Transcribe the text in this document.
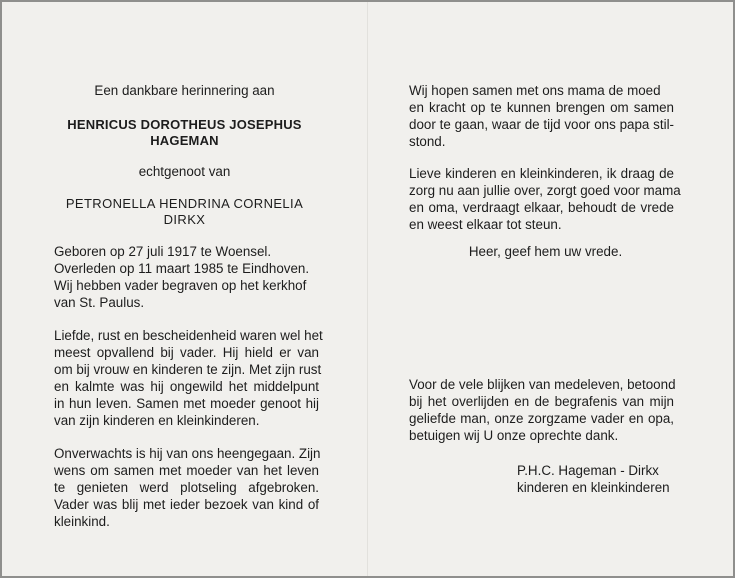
Een dankbare herinnering aan
HENRICUS DOROTHEUS JOSEPHUS
HAGEMAN
echtgenoot van
PETRONELLA HENDRINA CORNELIA
DIRKX
Geboren op 27 juli 1917 te Woensel.
Overleden op 11 maart 1985 te Eindhoven.
Wij hebben vader begraven op het kerkhof
van St. Paulus.
Liefde, rust en bescheidenheid waren wel het
meest opvallend bij vader. Hij hield er van
om bij vrouw en kinderen te zijn. Met zijn rust
en kalmte was hij ongewild het middelpunt
in hun leven. Samen met moeder genoot hij
van zijn kinderen en kleinkinderen.
Onverwachts is hij van ons heengegaan. Zijn
wens om samen met moeder van het leven
te genieten werd plotseling afgebroken.
Vader was blij met ieder bezoek van kind of
kleinkind.
Wij hopen samen met ons mama de moed
en kracht op te kunnen brengen om samen
door te gaan, waar de tijd voor ons papa stil-
stond.
Lieve kinderen en kleinkinderen, ik draag de
zorg nu aan jullie over, zorgt goed voor mama
en oma, verdraagt elkaar, behoudt de vrede
en weest elkaar tot steun.
Heer, geef hem uw vrede.
Voor de vele blijken van medeleven, betoond
bij het overlijden en de begrafenis van mijn
geliefde man, onze zorgzame vader en opa,
betuigen wij U onze oprechte dank.
P.H.C. Hageman - Dirkx
kinderen en kleinkinderen
